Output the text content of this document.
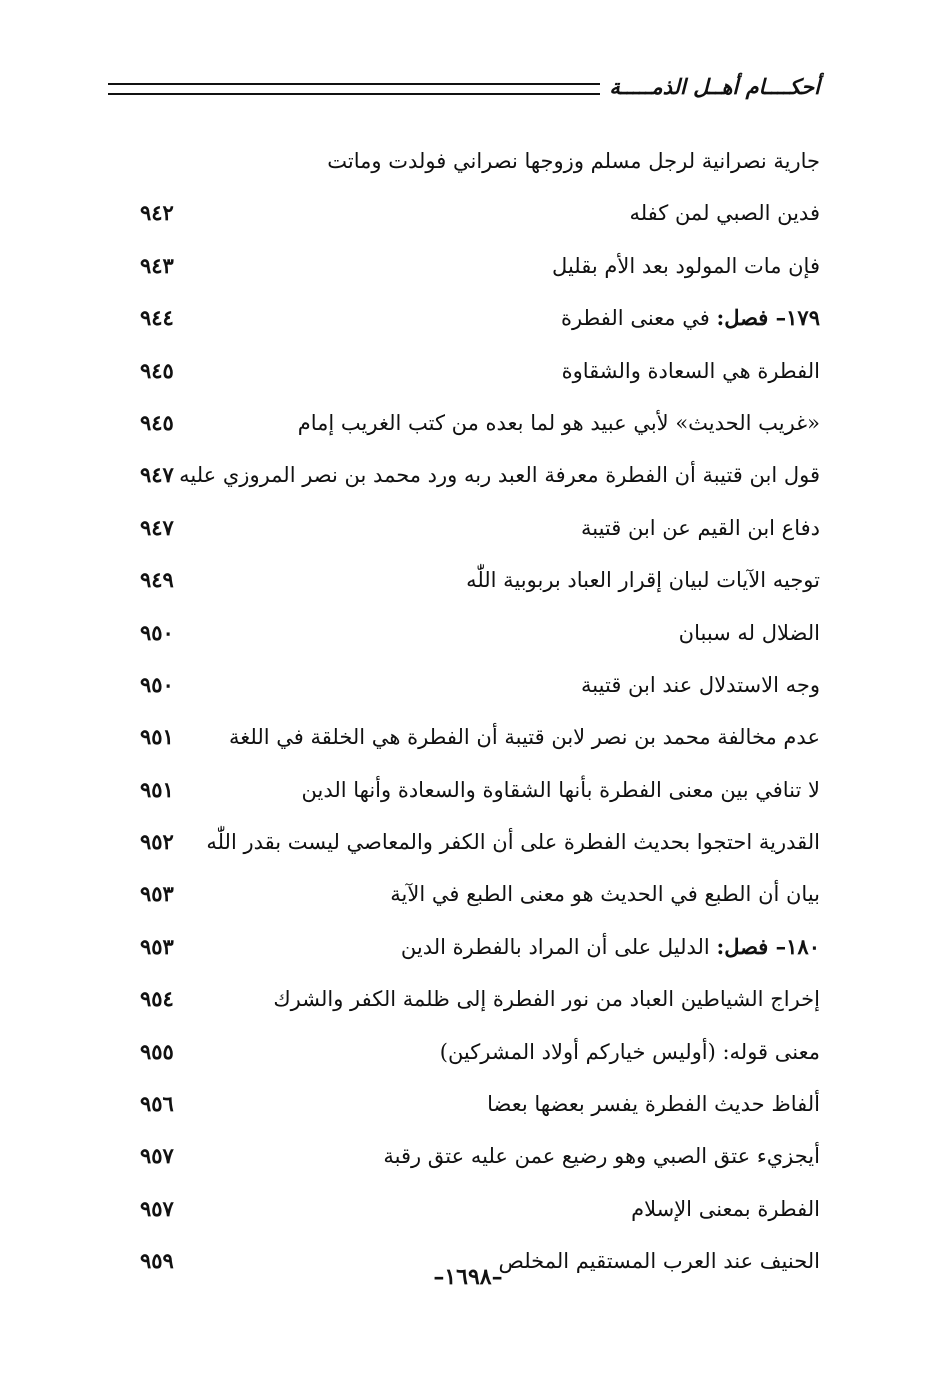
أحكــــام أهــل الذمـــــة
جارية نصرانية لرجل مسلم وزوجها نصراني فولدت وماتت
فدين الصبي لمن كفله
٩٤٢
فإن مات المولود بعد الأم بقليل
٩٤٣
١٧٩– فصل: في معنى الفطرة
٩٤٤
الفطرة هي السعادة والشقاوة
٩٤٥
«غريب الحديث» لأبي عبيد هو لما بعده من كتب الغريب إمام
٩٤٥
قول ابن قتيبة أن الفطرة معرفة العبد ربه ورد محمد بن نصر المروزي عليه
٩٤٧
دفاع ابن القيم عن ابن قتيبة
٩٤٧
توجيه الآيات لبيان إقرار العباد بربوبية اللّٰه
٩٤٩
الضلال له سببان
٩٥٠
وجه الاستدلال عند ابن قتيبة
٩٥٠
عدم مخالفة محمد بن نصر لابن قتيبة أن الفطرة هي الخلقة في اللغة
٩٥١
لا تنافي بين معنى الفطرة بأنها الشقاوة والسعادة وأنها الدين
٩٥١
القدرية احتجوا بحديث الفطرة على أن الكفر والمعاصي ليست بقدر اللّٰه
٩٥٢
بيان أن الطبع في الحديث هو معنى الطبع في الآية
٩٥٣
١٨٠– فصل: الدليل على أن المراد بالفطرة الدين
٩٥٣
إخراج الشياطين العباد من نور الفطرة إلى ظلمة الكفر والشرك
٩٥٤
معنى قوله: (أوليس خياركم أولاد المشركين)
٩٥٥
ألفاظ حديث الفطرة يفسر بعضها بعضا
٩٥٦
أيجزيء عتق الصبي وهو رضيع عمن عليه عتق رقبة
٩٥٧
الفطرة بمعنى الإسلام
٩٥٧
الحنيف عند العرب المستقيم المخلص
٩٥٩
–١٦٩٨–
